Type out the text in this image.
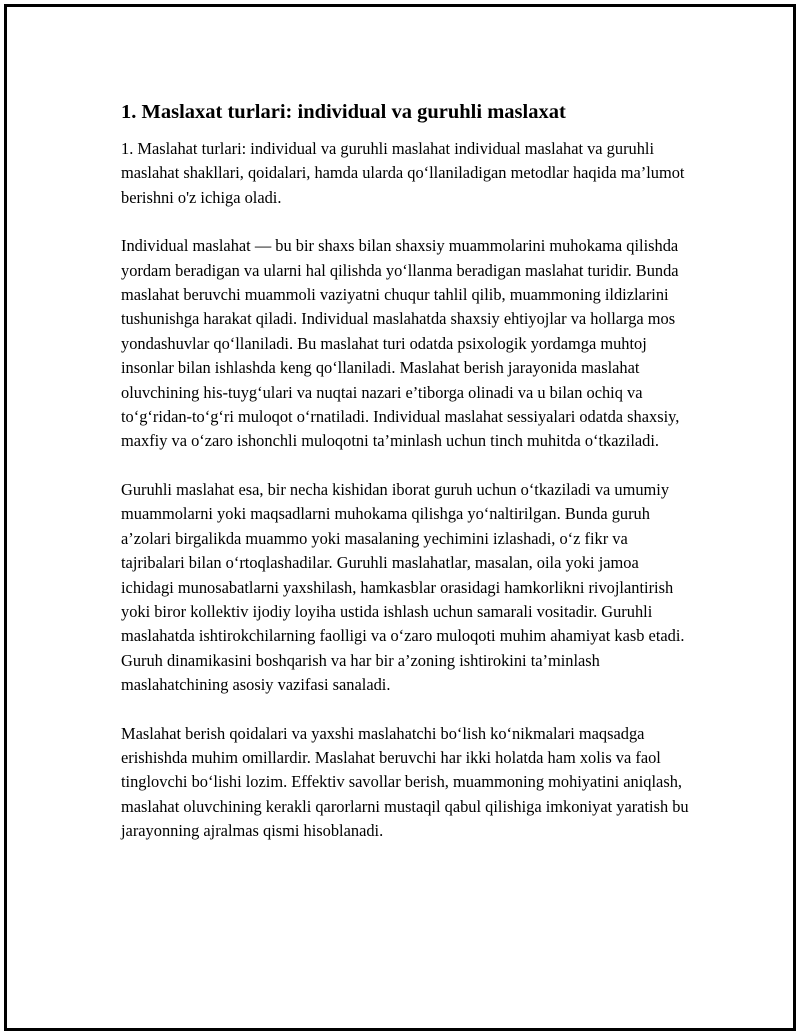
1. Maslaxat turlari: individual va guruhli maslaxat

1. Maslahat turlari: individual va guruhli maslahat individual maslahat va guruhli maslahat shakllari, qoidalari, hamda ularda qo‘llaniladigan metodlar haqida ma’lumot berishni o'z ichiga oladi.

Individual maslahat — bu bir shaxs bilan shaxsiy muammolarini muhokama qilishda yordam beradigan va ularni hal qilishda yo‘llanma beradigan maslahat turidir. Bunda maslahat beruvchi muammoli vaziyatni chuqur tahlil qilib, muammoning ildizlarini tushunishga harakat qiladi. Individual maslahatda shaxsiy ehtiyojlar va hollarga mos yondashuvlar qo‘llaniladi. Bu maslahat turi odatda psixologik yordamga muhtoj insonlar bilan ishlashda keng qo‘llaniladi. Maslahat berish jarayonida maslahat oluvchining his-tuyg‘ulari va nuqtai nazari e’tiborga olinadi va u bilan ochiq va to‘g‘ridan-to‘g‘ri muloqot o‘rnatiladi. Individual maslahat sessiyalari odatda shaxsiy, maxfiy va o‘zaro ishonchli muloqotni ta’minlash uchun tinch muhitda o‘tkaziladi.

Guruhli maslahat esa, bir necha kishidan iborat guruh uchun o‘tkaziladi va umumiy muammolarni yoki maqsadlarni muhokama qilishga yo‘naltirilgan. Bunda guruh a’zolari birgalikda muammo yoki masalaning yechimini izlashadi, o‘z fikr va tajribalari bilan o‘rtoqlashadilar. Guruhli maslahatlar, masalan, oila yoki jamoa ichidagi munosabatlarni yaxshilash, hamkasblar orasidagi hamkorlikni rivojlantirish yoki biror kollektiv ijodiy loyiha ustida ishlash uchun samarali vositadir. Guruhli maslahatda ishtirokchilarning faolligi va o‘zaro muloqoti muhim ahamiyat kasb etadi. Guruh dinamikasini boshqarish va har bir a’zoning ishtirokini ta’minlash maslahatchining asosiy vazifasi sanaladi.

Maslahat berish qoidalari va yaxshi maslahatchi bo‘lish ko‘nikmalari maqsadga erishishda muhim omillardir. Maslahat beruvchi har ikki holatda ham xolis va faol tinglovchi bo‘lishi lozim. Effektiv savollar berish, muammoning mohiyatini aniqlash, maslahat oluvchining kerakli qarorlarni mustaqil qabul qilishiga imkoniyat yaratish bu jarayonning ajralmas qismi hisoblanadi.
